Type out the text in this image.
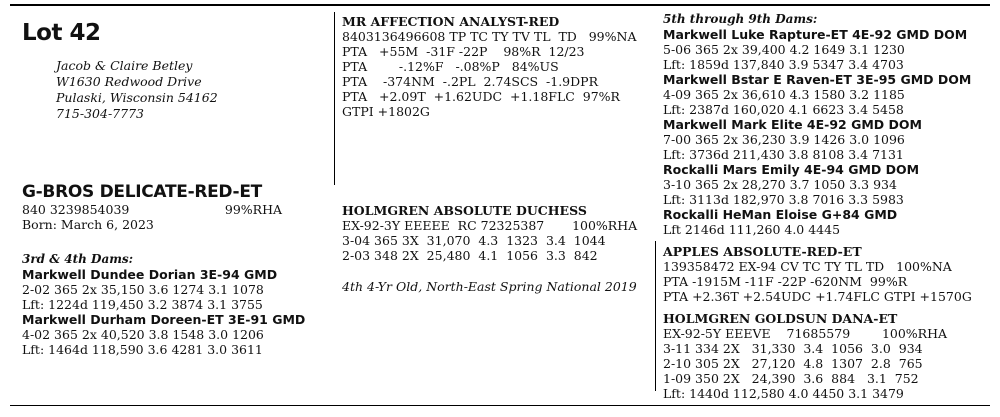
Lot 42
Jacob & Claire Betley
W1630 Redwood Drive
Pulaski, Wisconsin 54162
715-304-7773
G-BROS DELICATE-RED-ET
840 3239854039	99%RHA
Born: March 6, 2023
3rd & 4th Dams:
Markwell Dundee Dorian 3E-94 GMD
2-02 365 2x 35,150 3.6 1274 3.1 1078
Lft: 1224d 119,450 3.2 3874 3.1 3755
Markwell Durham Doreen-ET 3E-91 GMD
4-02 365 2x 40,520 3.8 1548 3.0 1206
Lft: 1464d 118,590 3.6 4281 3.0 3611
MR AFFECTION ANALYST-RED
8403136496608 TP TC TY TV TL  TD   99%NA
PTA   +55M  -31F -22P    98%R  12/23
PTA        -.12%F   -.08%P   84%US
PTA    -374NM  -.2PL  2.74SCS  -1.9DPR
PTA   +2.09T  +1.62UDC  +1.18FLC  97%R
GTPI +1802G
HOLMGREN ABSOLUTE DUCHESS
EX-92-3Y EEEEE  RC 72325387       100%RHA
3-04 365 3X  31,070  4.3  1323  3.4  1044
2-03 348 2X  25,480  4.1  1056  3.3  842
4th 4-Yr Old, North-East Spring National 2019
5th through 9th Dams:
Markwell Luke Rapture-ET 4E-92 GMD DOM
5-06 365 2x 39,400 4.2 1649 3.1 1230
Lft: 1859d 137,840 3.9 5347 3.4 4703
Markwell Bstar E Raven-ET 3E-95 GMD DOM
4-09 365 2x 36,610 4.3 1580 3.2 1185
Lft: 2387d 160,020 4.1 6623 3.4 5458
Markwell Mark Elite 4E-92 GMD DOM
7-00 365 2x 36,230 3.9 1426 3.0 1096
Lft: 3736d 211,430 3.8 8108 3.4 7131
Rockalli Mars Emily 4E-94 GMD DOM
3-10 365 2x 28,270 3.7 1050 3.3 934
Lft: 3113d 182,970 3.8 7016 3.3 5983
Rockalli HeMan Eloise G+84 GMD
Lft 2146d 111,260 4.0 4445
APPLES ABSOLUTE-RED-ET
139358472 EX-94 CV TC TY TL TD   100%NA
PTA -1915M -11F -22P -620NM  99%R
PTA +2.36T +2.54UDC +1.74FLC GTPI +1570G
HOLMGREN GOLDSUN DANA-ET
EX-92-5Y EEEVE    71685579        100%RHA
3-11 334 2X   31,330  3.4  1056  3.0  934
2-10 305 2X   27,120  4.8  1307  2.8  765
1-09 350 2X   24,390  3.6  884   3.1  752
Lft: 1440d 112,580 4.0 4450 3.1 3479
